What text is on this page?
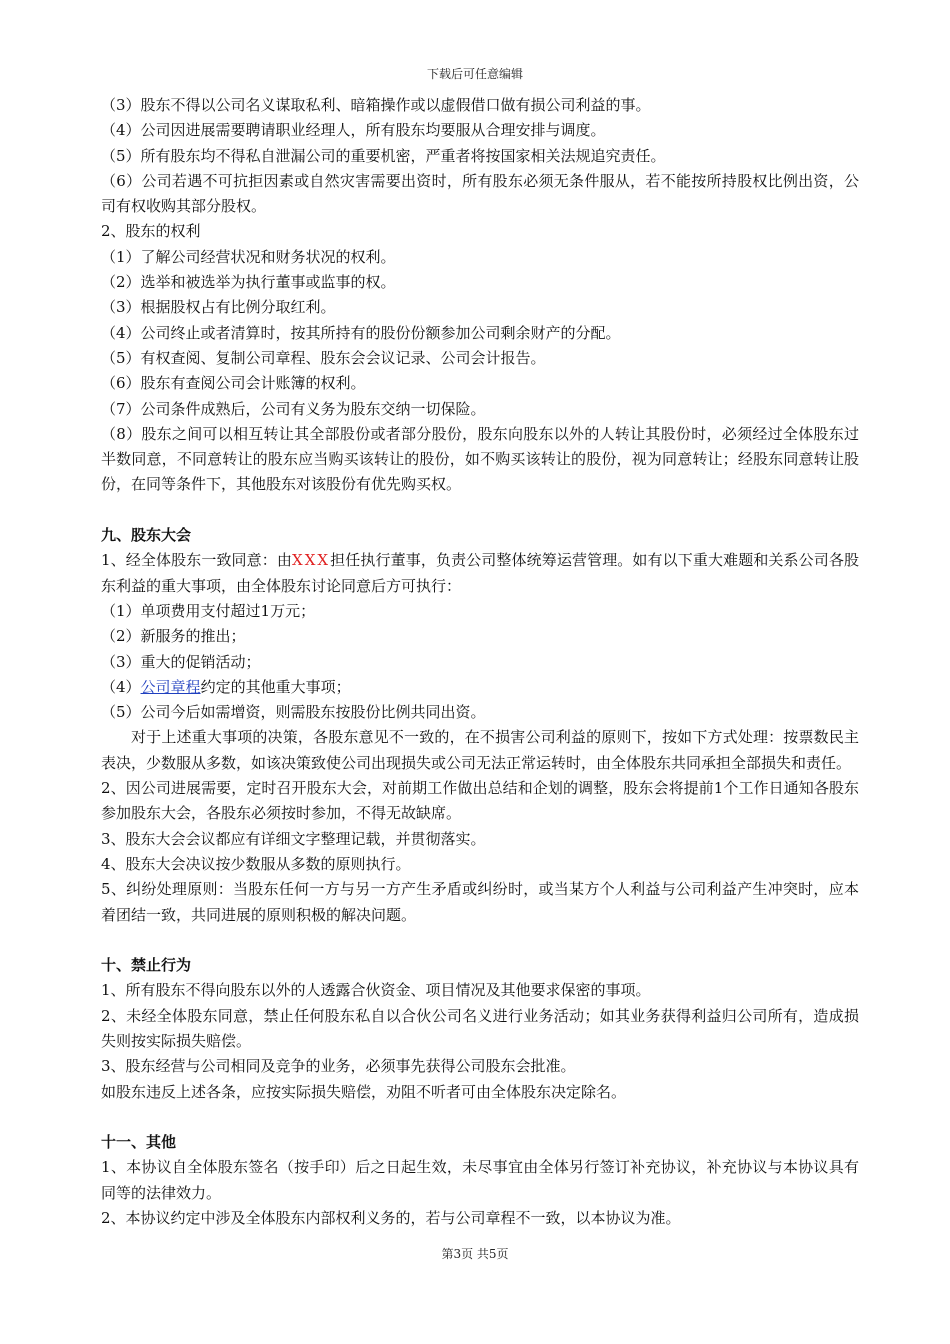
下载后可任意编辑

（3）股东不得以公司名义谋取私利、暗箱操作或以虚假借口做有损公司利益的事。

（4）公司因进展需要聘请职业经理人，所有股东均要服从合理安排与调度。

（5）所有股东均不得私自泄漏公司的重要机密，严重者将按国家相关法规追究责任。

（6）公司若遇不可抗拒因素或自然灾害需要出资时，所有股东必须无条件服从，若不能按所持股权比例出资，公司有权收购其部分股权。

2、股东的权利

（1）了解公司经营状况和财务状况的权利。

（2）选举和被选举为执行董事或监事的权。

（3）根据股权占有比例分取红利。

（4）公司终止或者清算时，按其所持有的股份份额参加公司剩余财产的分配。

（5）有权查阅、复制公司章程、股东会会议记录、公司会计报告。

（6）股东有查阅公司会计账簿的权利。

（7）公司条件成熟后，公司有义务为股东交纳一切保险。

（8）股东之间可以相互转让其全部股份或者部分股份，股东向股东以外的人转让其股份时，必须经过全体股东过半数同意，不同意转让的股东应当购买该转让的股份，如不购买该转让的股份，视为同意转让；经股东同意转让股份，在同等条件下，其他股东对该股份有优先购买权。

九、股东大会

1、经全体股东一致同意：由XXX担任执行董事，负责公司整体统筹运营管理。如有以下重大难题和关系公司各股东利益的重大事项，由全体股东讨论同意后方可执行：

（1）单项费用支付超过1万元；

（2）新服务的推出；

（3）重大的促销活动；

（4）公司章程约定的其他重大事项；

（5）公司今后如需增资，则需股东按股份比例共同出资。

对于上述重大事项的决策，各股东意见不一致的，在不损害公司利益的原则下，按如下方式处理：按票数民主表决，少数服从多数，如该决策致使公司出现损失或公司无法正常运转时，由全体股东共同承担全部损失和责任。

2、因公司进展需要，定时召开股东大会，对前期工作做出总结和企划的调整，股东会将提前1个工作日通知各股东参加股东大会，各股东必须按时参加，不得无故缺席。

3、股东大会会议都应有详细文字整理记载，并贯彻落实。

4、股东大会决议按少数服从多数的原则执行。

5、纠纷处理原则：当股东任何一方与另一方产生矛盾或纠纷时，或当某方个人利益与公司利益产生冲突时，应本着团结一致，共同进展的原则积极的解决问题。

十、禁止行为

1、所有股东不得向股东以外的人透露合伙资金、项目情况及其他要求保密的事项。

2、未经全体股东同意，禁止任何股东私自以合伙公司名义进行业务活动；如其业务获得利益归公司所有，造成损失则按实际损失赔偿。

3、股东经营与公司相同及竞争的业务，必须事先获得公司股东会批准。

如股东违反上述各条，应按实际损失赔偿，劝阻不听者可由全体股东决定除名。

十一、其他

1、本协议自全体股东签名（按手印）后之日起生效，未尽事宜由全体另行签订补充协议，补充协议与本协议具有同等的法律效力。

2、本协议约定中涉及全体股东内部权利义务的，若与公司章程不一致，以本协议为准。

第3页 共5页
